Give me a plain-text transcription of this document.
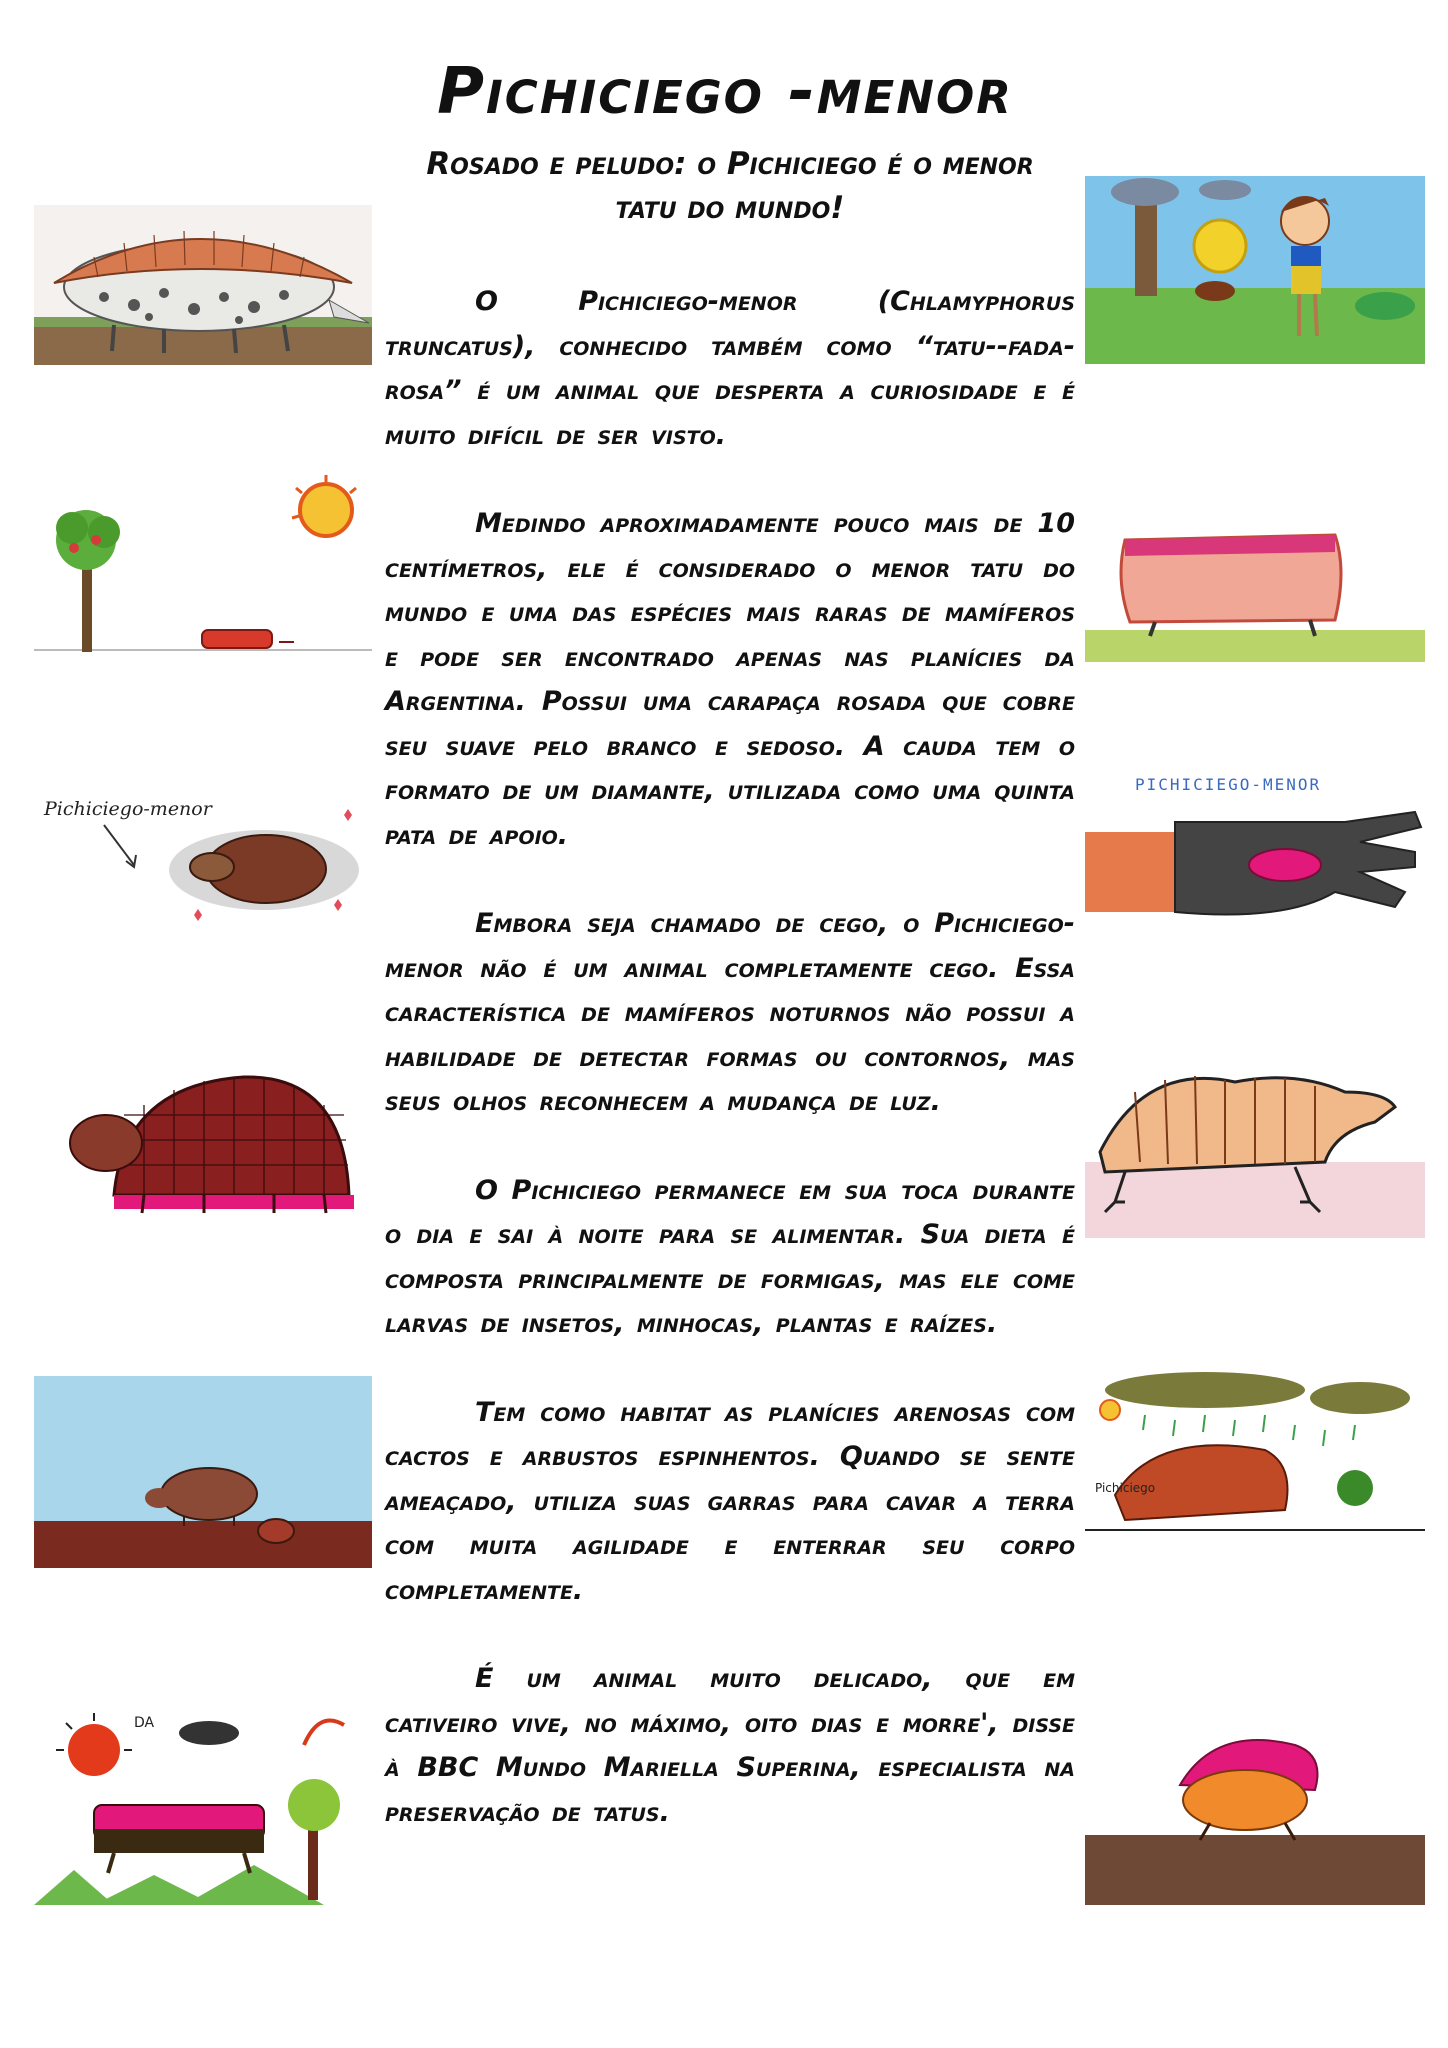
Pichiciego -menor

Rosado e peludo: o Pichiciego é o menor tatu do mundo!

O Pichiciego-menor (Chlamyphorus truncatus), conhecido também como “tatu--fada-rosa” é um animal que desperta a curiosidade e é muito difícil de ser visto.

Medindo aproximadamente pouco mais de 10 centímetros, ele é considerado o menor tatu do mundo e uma das espécies mais raras de mamíferos e pode ser encontrado apenas nas planícies da Argentina. Possui uma carapaça rosada que cobre seu suave pelo branco e sedoso. A cauda tem o formato de um diamante, utilizada como uma quinta pata de apoio.

Embora seja chamado de cego, o Pichiciego-menor não é um animal completamente cego. Essa característica de mamíferos noturnos não possui a habilidade de detectar formas ou contornos, mas seus olhos reconhecem a mudança de luz.

O Pichiciego permanece em sua toca durante o dia e sai à noite para se alimentar. Sua dieta é composta principalmente de formigas, mas ele come larvas de insetos, minhocas, plantas e raízes.

Tem como habitat as planícies arenosas com cactos e arbustos espinhentos. Quando se sente ameaçado, utiliza suas garras para cavar a terra com muita agilidade e enterrar seu corpo completamente.

É um animal muito delicado, que em cativeiro vive, no máximo, oito dias e morre', disse à BBC Mundo Mariella Superina, especialista na preservação de tatus.

Pichiciego-menor
DA
PICHICIEGO-MENOR
Pichiciego
